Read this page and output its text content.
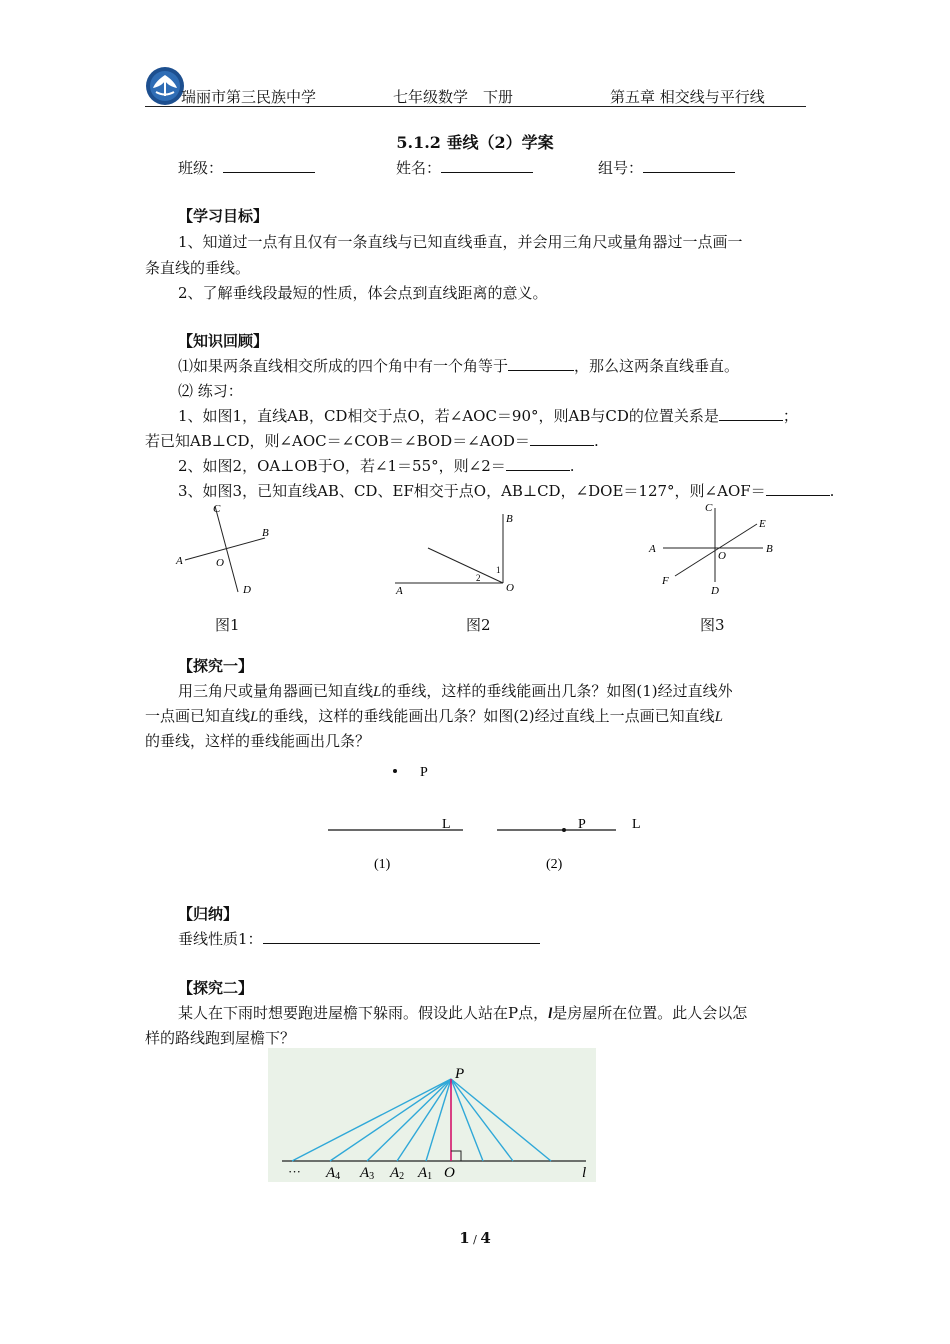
瑞丽市第三民族中学	七年级数学　下册	第五章 相交线与平行线
5.1.2 垂线（2）学案
班级：	姓名：	组号：
【学习目标】
1、知道过一点有且仅有一条直线与已知直线垂直，并会用三角尺或量角器过一点画一
条直线的垂线。
2、了解垂线段最短的性质，体会点到直线距离的意义。
【知识回顾】
⑴如果两条直线相交所成的四个角中有一个角等于	，那么这两条直线垂直。
⑵ 练习：
1、如图1，直线AB，CD相交于点O，若∠AOC＝90°，则AB与CD的位置关系是	；
若已知AB⊥CD，则∠AOC＝∠COB＝∠BOD＝∠AOD＝	.
2、如图2，OA⊥OB于O，若∠1＝55°，则∠2＝	.
3、如图3，已知直线AB、CD、EF相交于点O，AB⊥CD，∠DOE＝127°，则∠AOF＝	.
C
B
A	O
D
图1
B
1
2
O
A
图2
C
E
A	B
O
F
D
图3
【探究一】
用三角尺或量角器画已知直线L的垂线，这样的垂线能画出几条？如图(1)经过直线外
一点画已知直线L的垂线，这样的垂线能画出几条？如图(2)经过直线上一点画已知直线L
的垂线，这样的垂线能画出几条？
P
L	P	L
(1)	(2)
【归纳】
垂线性质1：
【探究二】
某人在下雨时想要跑进屋檐下躲雨。假设此人站在P点，l是房屋所在位置。此人会以怎
样的路线跑到屋檐下？
P
··· A4 A3 A2 A1 O	l
1 / 4
